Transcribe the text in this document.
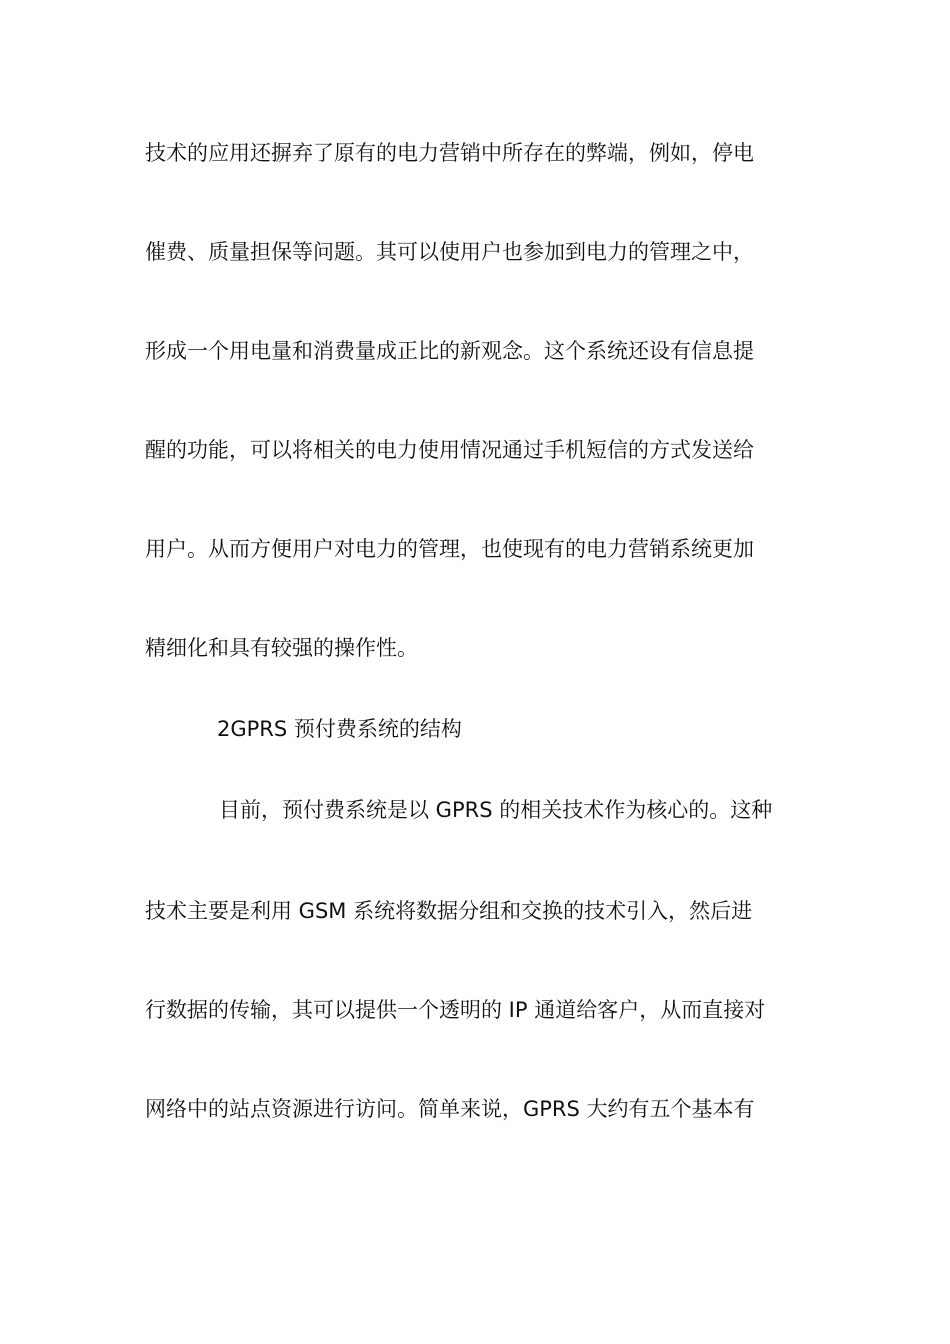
技术的应用还摒弃了原有的电力营销中所存在的弊端，例如，停电
催费、质量担保等问题。其可以使用户也参加到电力的管理之中，
形成一个用电量和消费量成正比的新观念。这个系统还设有信息提
醒的功能，可以将相关的电力使用情况通过手机短信的方式发送给
用户。从而方便用户对电力的管理，也使现有的电力营销系统更加
精细化和具有较强的操作性。
2GPRS 预付费系统的结构
目前，预付费系统是以 GPRS 的相关技术作为核心的。这种
技术主要是利用 GSM 系统将数据分组和交换的技术引入，然后进
行数据的传输，其可以提供一个透明的 IP 通道给客户，从而直接对
网络中的站点资源进行访问。简单来说，GPRS 大约有五个基本有
